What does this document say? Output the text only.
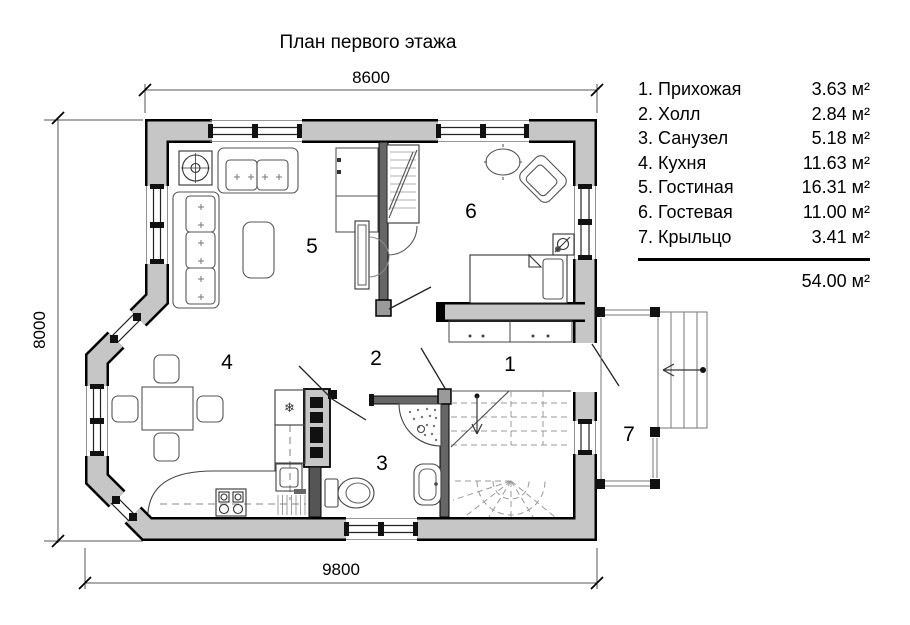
❄
План первого этажа
8600
8000
9800
1
2
3
4
5
6
7
1. Прихожая	3.63 м²
2. Холл	2.84 м²
3. Санузел	5.18 м²
4. Кухня	11.63 м²
5. Гостиная	16.31 м²
6. Гостевая	11.00 м²
7. Крыльцо	3.41 м²
54.00 м²
